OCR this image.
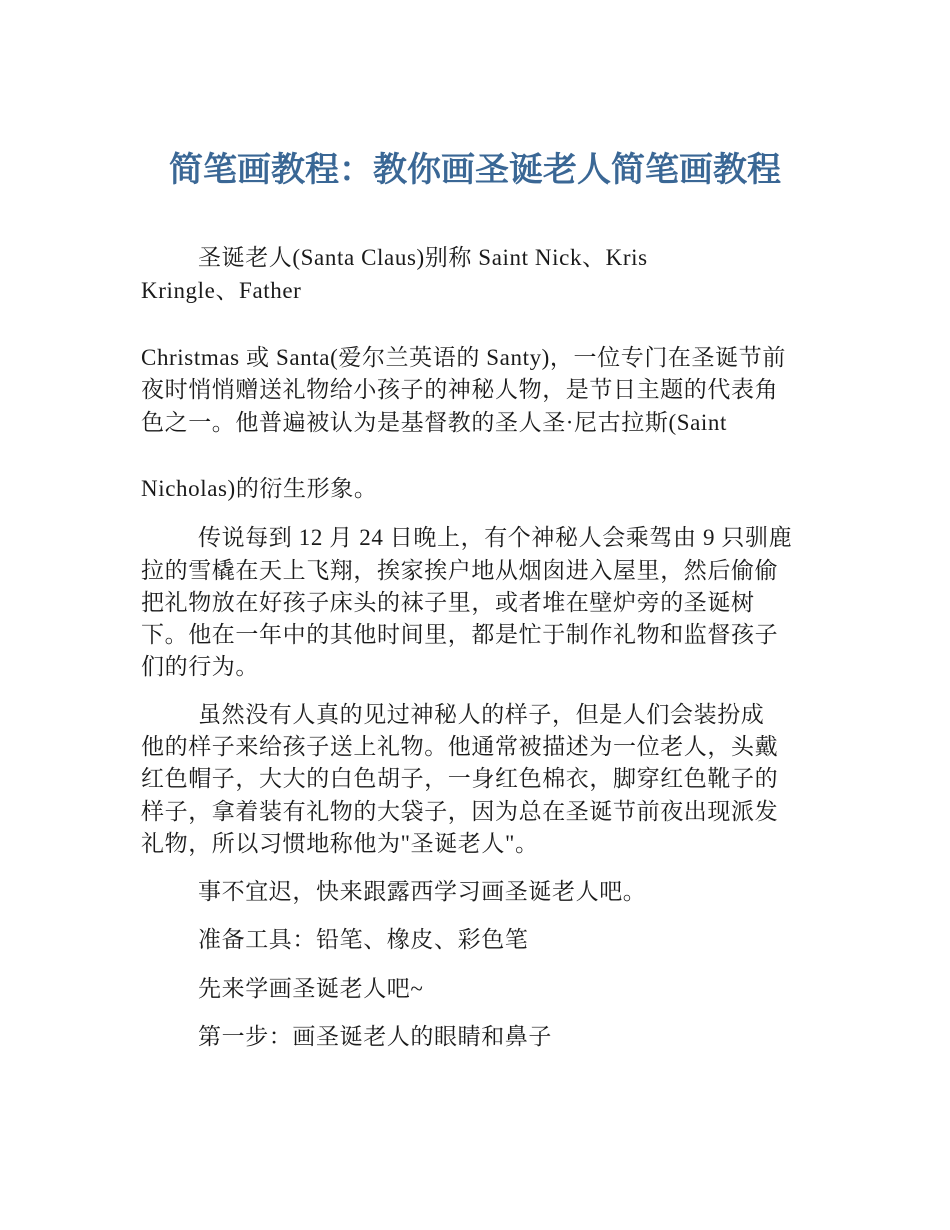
简笔画教程：教你画圣诞老人简笔画教程

圣诞老人(Santa Claus)别称 Saint Nick、Kris

Kringle、Father

Christmas 或 Santa(爱尔兰英语的 Santy)，一位专门在圣诞节前

夜时悄悄赠送礼物给小孩子的神秘人物，是节日主题的代表角

色之一。他普遍被认为是基督教的圣人圣·尼古拉斯(Saint

Nicholas)的衍生形象。

传说每到 12 月 24 日晚上，有个神秘人会乘驾由 9 只驯鹿

拉的雪橇在天上飞翔，挨家挨户地从烟囱进入屋里，然后偷偷

把礼物放在好孩子床头的袜子里，或者堆在壁炉旁的圣诞树

下。他在一年中的其他时间里，都是忙于制作礼物和监督孩子

们的行为。

虽然没有人真的见过神秘人的样子，但是人们会装扮成

他的样子来给孩子送上礼物。他通常被描述为一位老人，头戴

红色帽子，大大的白色胡子，一身红色棉衣，脚穿红色靴子的

样子，拿着装有礼物的大袋子，因为总在圣诞节前夜出现派发

礼物，所以习惯地称他为"圣诞老人"。

事不宜迟，快来跟露西学习画圣诞老人吧。

准备工具：铅笔、橡皮、彩色笔

先来学画圣诞老人吧~

第一步：画圣诞老人的眼睛和鼻子
